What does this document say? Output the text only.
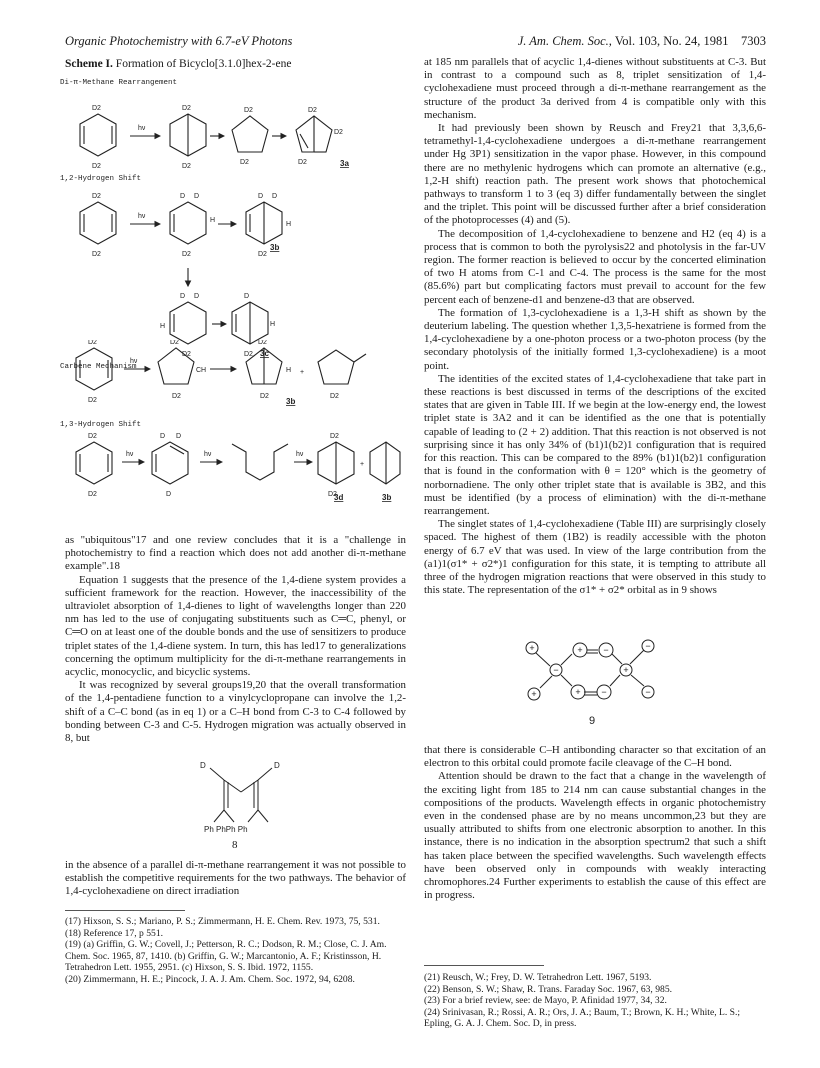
Organic Photochemistry with 6.7-eV Photons	J. Am. Chem. Soc., Vol. 103, No. 24, 1981 7303
Scheme I. Formation of Bicyclo[3.1.0]hex-2-ene
Di-π-Methane Rearrangement
1,2-Hydrogen Shift
Carbene Mechanism
hν
hν
D2
D2
D2
D2
D2
D2
D2
D2
D2
D2
D2	D2
D D
H
D D
H
D2
D D
H
D2
D
H
D2
3a
3b
3c
1,3-Hydrogen Shift
hν
CH	H +
D2
D2
D2
D2
D2
D2	D2
D2
D2
hν	hν	hν
D D
D
D2
D2
+
3b
3d	3b

as "ubiquitous"17 and one review concludes that it is a "challenge in photochemistry to find a reaction which does not add another di-π-methane example".18

Equation 1 suggests that the presence of the 1,4-diene system provides a sufficient framework for the reaction. However, the inaccessibility of the ultraviolet absorption of 1,4-dienes to light of wavelengths longer than 220 nm has led to the use of conjugating substituents such as C═C, phenyl, or C═O on at least one of the double bonds and the use of sensitizers to produce triplet states of the 1,4-diene system. In turn, this has led17 to generalizations concerning the optimum multiplicity for the di-π-methane rearrangements in acyclic, monocyclic, and bicyclic systems.

It was recognized by several groups19,20 that the overall transformation of the 1,4-pentadiene function to a vinylcyclopropane can involve the 1,2-shift of a C–C bond (as in eq 1) or a C–H bond from C-3 to C-4 followed by bonding between C-3 and C-5. Hydrogen migration was actually observed in 8, but

D	D
Ph PhPh Ph
8

in the absence of a parallel di-π-methane rearrangement it was not possible to establish the competitive requirements for the two pathways. The behavior of 1,4-cyclohexadiene on direct irradiation

(17) Hixson, S. S.; Mariano, P. S.; Zimmermann, H. E. Chem. Rev. 1973, 75, 531.

(18) Reference 17, p 551.

(19) (a) Griffin, G. W.; Covell, J.; Petterson, R. C.; Dodson, R. M.; Close, C. J. Am. Chem. Soc. 1965, 87, 1410. (b) Griffin, G. W.; Marcantonio, A. F.; Kristinsson, H. Tetrahedron Lett. 1955, 2951. (c) Hixson, S. S. Ibid. 1972, 1155.

(20) Zimmermann, H. E.; Pincock, J. A. J. Am. Chem. Soc. 1972, 94, 6208.

at 185 nm parallels that of acyclic 1,4-dienes without substituents at C-3. But in contrast to a compound such as 8, triplet sensitization of 1,4-cyclohexadiene must proceed through a di-π-methane rearrangement as the structure of the product 3a derived from 4 is compatible only with this mechanism.

It had previously been shown by Reusch and Frey21 that 3,3,6,6-tetramethyl-1,4-cyclohexadiene undergoes a di-π-methane rearrangement under Hg 3P1) sensitization in the vapor phase. However, in this compound there are no methylenic hydrogens which can promote an alternative (e.g., 1,2-H shift) reaction path. The present work shows that photochemical pathways to transform 1 to 3 (eq 3) differ fundamentally between the singlet and the triplet. This point will be discussed further after a brief consideration of the photoprocesses (4) and (5).

The decomposition of 1,4-cyclohexadiene to benzene and H2 (eq 4) is a process that is common to both the pyrolysis22 and photolysis in the far-UV region. The former reaction is believed to occur by the concerted elimination of two H atoms from C-1 and C-4. The process is the same for the most (85.6%) part but complicating factors must prevail to account for the few percent each of benzene-d1 and benzene-d3 that are observed.

The formation of 1,3-cyclohexadiene is a 1,3-H shift as shown by the deuterium labeling. The question whether 1,3,5-hexatriene is formed from the 1,4-cyclohexadiene by a one-photon process or a two-photon process (by the secondary photolysis of the initially formed 1,3-cyclohexadiene) is a moot point.

The identities of the excited states of 1,4-cyclohexadiene that take part in these reactions is best discussed in terms of the descriptions of the excited states that are given in Table III. If we begin at the low-energy end, the lowest triplet state is 3A2 and it can be identified as the one that is potentially capable of leading to (2 + 2) addition. That this reaction is not observed is not surprising since it has only 34% of (b1)1(b2)1 configuration that is required for this reaction. This can be compared to the 89% (b1)1(b2)1 configuration that is found in the conformation with θ = 120° which is the geometry of norbornadiene. The only other triplet state that is available is 3B2, and this must be identified (by a process of elimination) with the di-π-methane rearrangement.

The singlet states of 1,4-cyclohexadiene (Table III) are surprisingly closely spaced. The highest of them (1B2) is readily accessible with the photon energy of 6.7 eV that was used. In view of the large contribution from the (a1)1(σ1* + σ2*)1 configuration for this state, it is tempting to attribute all three of the hydrogen migration reactions that were observed in this study to this state. The representation of the σ1* + σ2* orbital as in 9 shows

+
−
+ −
+
−
−
+
+
−
9

that there is considerable C–H antibonding character so that excitation of an electron to this orbital could promote facile cleavage of the C–H bond.

Attention should be drawn to the fact that a change in the wavelength of the exciting light from 185 to 214 nm can cause substantial changes in the compositions of the products. Wavelength effects in organic photochemistry even in the condensed phase are by no means uncommon,23 but they are usually attributed to shifts from one electronic absorption to another. In this instance, there is no indication in the absorption spectrum2 that such a shift has taken place between the specified wavelengths. Such wavelength effects have been observed only in compounds with weakly interacting chromophores.24 Further experiments to establish the cause of this effect are in progress.

(21) Reusch, W.; Frey, D. W. Tetrahedron Lett. 1967, 5193.

(22) Benson, S. W.; Shaw, R. Trans. Faraday Soc. 1967, 63, 985.

(23) For a brief review, see: de Mayo, P. Afinidad 1977, 34, 32.

(24) Srinivasan, R.; Rossi, A. R.; Ors, J. A.; Baum, T.; Brown, K. H.; White, L. S.; Epling, G. A. J. Chem. Soc. D, in press.
